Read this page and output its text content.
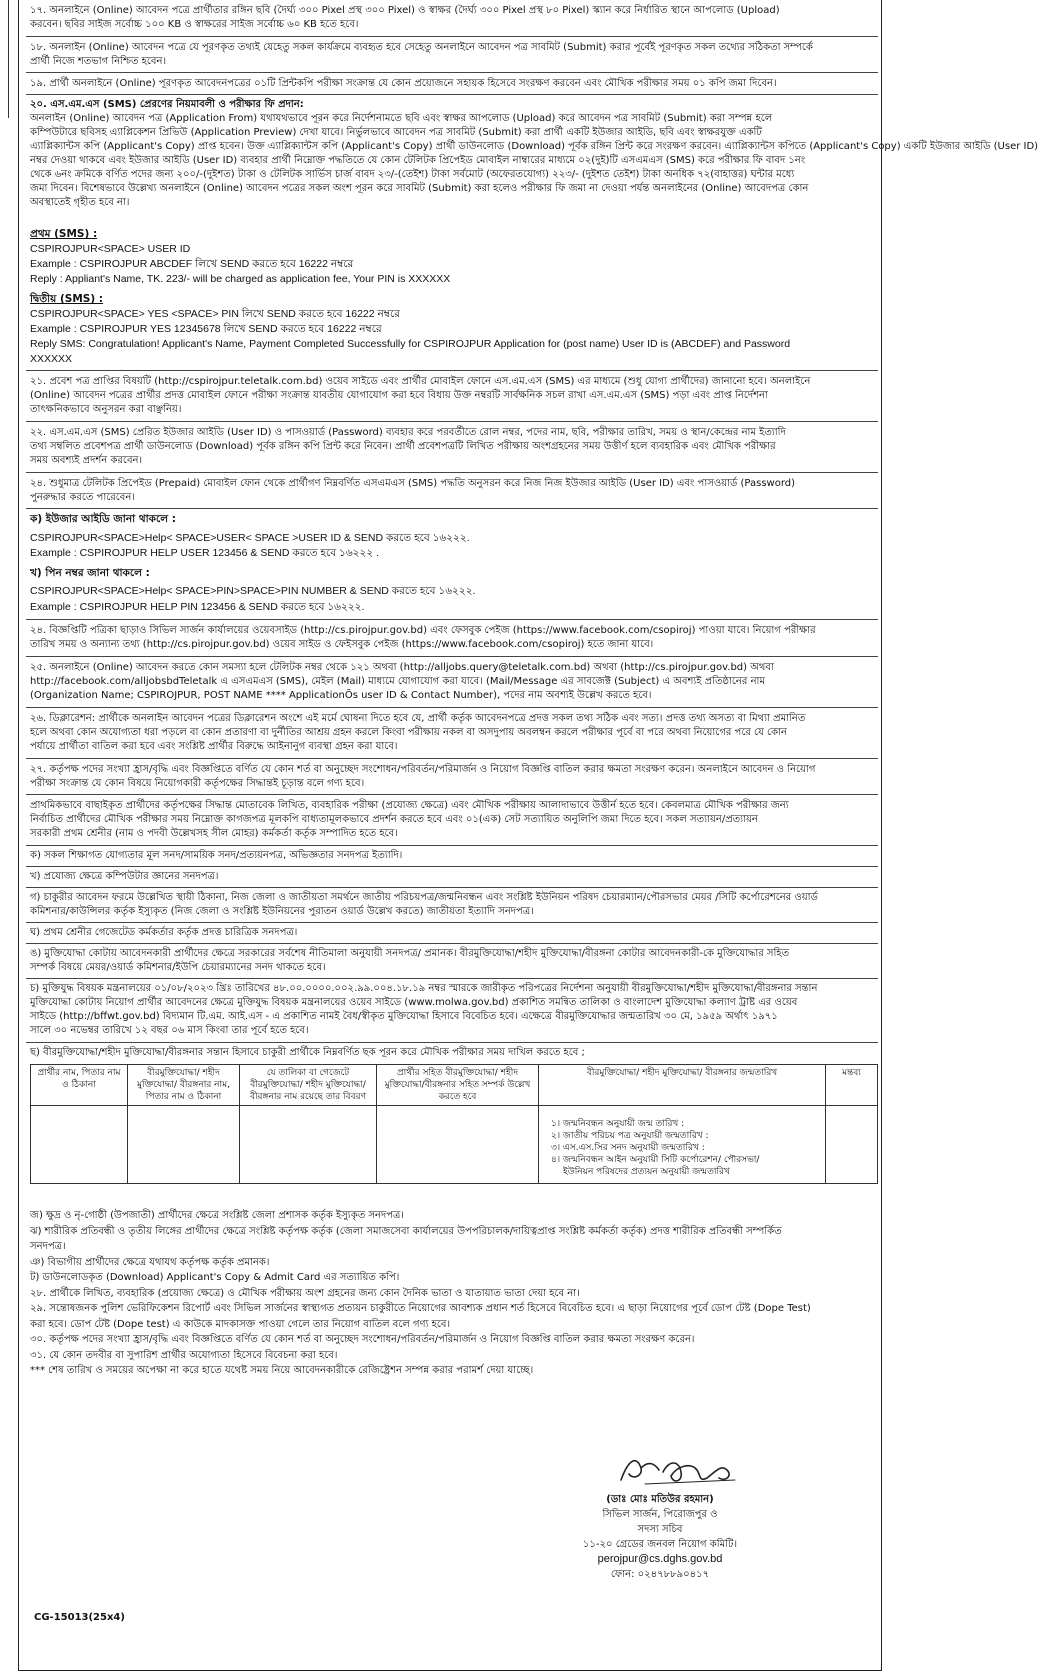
১৭. অনলাইনে (Online) আবেদন পত্রে প্রার্থীতার রঙ্গিন ছবি (দৈর্ঘ্য ৩০০ Pixel প্রস্থ ৩০০ Pixel) ও স্বাক্ষর (দৈর্ঘ্য ৩০০ Pixel প্রস্থ ৮০ Pixel) স্ক্যান করে নির্ধারিত স্থানে আপলোড (Upload)
করবেন। ছবির সাইজ সর্বোচ্চ ১০০ KB ও স্বাক্ষরের সাইজ সর্বোচ্চ ৬০ KB হতে হবে।
১৮. অনলাইন (Online) আবেদন পত্রে যে পূরণকৃত তথ্যই যেহেতু সকল কার্যক্রমে ব্যবহৃত হবে সেহেতু অনলাইনে আবেদন পত্র সাবমিট (Submit) করার পূর্বেই পূরণকৃত সকল তথ্যের সঠিকতা সম্পর্কে
প্রার্থী নিজে শতভাগ নিশ্চিত হবেন।
১৯. প্রার্থী অনলাইনে (Online) পূরণকৃত আবেদনপত্রের ০১টি প্রিন্টকপি পরীক্ষা সংক্রান্ত যে কোন প্রয়োজনে সহায়ক হিসেবে সংরক্ষণ করবেন এবং মৌখিক পরীক্ষার সময় ০১ কপি জমা দিবেন।
২০. এস.এম.এস (SMS) প্রেরণের নিয়মাবলী ও পরীক্ষার ফি প্রদান:
অনলাইন (Online) আবেদন পত্র (Application From) যথাযথভাবে পূরন করে নির্দেশনামতে ছবি এবং স্বাক্ষর আপলোড (Upload) করে আবেদন পত্র সাবমিট (Submit) করা সম্পন্ন হলে
কম্পিউটারে ছবিসহ এ্যাপ্লিকেশন প্রিভিউ (Application Preview) দেখা যাবে। নির্ভুলভাবে আবেদন পত্র সাবমিট (Submit) করা প্রার্থী একটি ইউজার আইডি, ছবি এবং স্বাক্ষরযুক্ত একটি
এ্যাপ্লিক্যান্টস কপি (Applicant's Copy) প্রাপ্ত হবেন। উক্ত এ্যাপ্লিক্যান্টস কপি (Applicant's Copy) প্রার্থী ডাউনলোড (Download) পূর্বক রঙ্গিন প্রিন্ট করে সংরক্ষণ করবেন। এ্যাপ্লিক্যান্টস কপিতে (Applicant's Copy) একটি ইউজার আইডি (User ID)
নম্বর দেওয়া থাকবে এবং ইউজার আইডি (User ID) ব্যবহার প্রার্থী নিম্নোক্ত পদ্ধতিতে যে কোন টেলিটক প্রিপেইড মোবাইল নাম্বারের মাধ্যমে ০২(দুই)টি এসএমএস (SMS) করে পরীক্ষার ফি বাবদ ১নং
থেকে ৬নং ক্রমিকে বর্ণিত পদের জন্য ২০০/-(দুইশত) টাকা ও টেলিটক সার্ভিস চার্জ বাবদ ২৩/-(তেইশ) টাকা সর্বমোট (অফেরতযোগ্য) ২২৩/- (দুইশত তেইশ) টাকা অনধিক ৭২(বাহাত্তর) ঘন্টার মধ্যে
জমা দিবেন। বিশেষভাবে উল্লেখ্য অনলাইনে (Online) আবেদন পত্রের সকল অংশ পূরন করে সাবমিট (Submit) করা হলেও পরীক্ষার ফি জমা না দেওয়া পর্যন্ত অনলাইনের (Online) আবেদপত্র কোন
অবস্থাতেই গৃহীত হবে না।
প্রথম (SMS) :
CSPIROJPUR<SPACE> USER ID
Example : CSPIROJPUR ABCDEF লিখে SEND করতে হবে 16222 নম্বরে
Reply : Appliant's Name, TK. 223/- will be charged as application fee, Your PIN is XXXXXX
দ্বিতীয় (SMS) :
CSPIROJPUR<SPACE> YES <SPACE> PIN লিখে SEND করতে হবে 16222 নম্বরে
Example : CSPIROJPUR YES 12345678 লিখে SEND করতে হবে 16222 নম্বরে
Reply SMS: Congratulation! Applicant's Name, Payment Completed Successfully for CSPIROJPUR Application for (post name) User ID is (ABCDEF) and Password
XXXXXX
২১. প্রবেশ পত্র প্রাপ্তির বিষয়টি (http://cspirojpur.teletalk.com.bd) ওয়েব সাইডে এবং প্রার্থীর মোবাইল ফোনে এস.এম.এস (SMS) এর মাধ্যমে (শুধু যোগ্য প্রার্থীদের) জানানো হবে। অনলাইনে
(Online) আবেদন পত্রের প্রার্থীর প্রদত্ত মোবাইল ফোনে পরীক্ষা সংক্রান্ত যাবতীয় যোগাযোগ করা হবে বিধায় উক্ত নম্বরটি সার্বক্ষনিক সচল রাখা এস.এম.এস (SMS) পড়া এবং প্রাপ্ত নির্দেশনা
তাৎক্ষনিকভাবে অনুসরন করা বাঞ্ছনিয়।
২২. এস.এম.এস (SMS) প্রেরিত ইউজার আইডি (User ID) ও পাসওয়ার্ড (Password) ব্যবহার করে পরবর্তীতে রোল নম্বর, পদের নাম, ছবি, পরীক্ষার তারিখ, সময় ও স্থান/কেন্দ্রের নাম ইত্যাদি
তথ্য সম্বলিত প্রবেশপত্র প্রার্থী ডাউনলোড (Download) পূর্বক রঙ্গিন কপি প্রিন্ট করে নিবেন। প্রার্থী প্রবেশপত্রটি লিখিত পরীক্ষায় অংশগ্রহনের সময় উত্তীর্ণ হলে ব্যবহারিক এবং মৌখিক পরীক্ষার
সময় অবশ্যই প্রদর্শন করবেন।
২৪. শুধুমাত্র টেলিটক প্রিপেইড (Prepaid) মোবাইল ফোন থেকে প্রার্থীগণ নিম্নবর্ণিত এসএমএস (SMS) পদ্ধতি অনুসরন করে নিজ নিজ ইউজার আইডি (User ID) এবং পাসওয়ার্ড (Password)
পুনরুদ্ধার করতে পারেবেন।
ক) ইউজার আইডি জানা থাকলে :
CSPIROJPUR<SPACE>Help< SPACE>USER< SPACE >USER ID & SEND করতে হবে ১৬২২২.
Example : CSPIROJPUR HELP USER 123456 & SEND করতে হবে ১৬২২২ .
খ) পিন নম্বর জানা থাকলে :
CSPIROJPUR<SPACE>Help< SPACE>PIN>SPACE>PIN NUMBER & SEND করতে হবে ১৬২২২.
Example : CSPIROJPUR HELP PIN 123456 & SEND করতে হবে ১৬২২২.
২৪. বিজ্ঞপ্তিটি পত্রিকা ছাড়াও সিভিল সার্জন কার্যালয়ের ওয়েবসাইড (http://cs.pirojpur.gov.bd) এবং ফেসবুক পেইজ (https://www.facebook.com/csopiroj) পাওয়া যাবে। নিয়োগ পরীক্ষার
তারিখ সময় ও অন্যান্য তথ্য (http://cs.pirojpur.gov.bd) ওয়েব সাইড ও ফেইসবুক পেইজ (https://www.facebook.com/csopiroj) হতে জানা যাবে।
২৫. অনলাইনে (Online) আবেদন করতে কোন সমস্যা হলে টেলিটক নম্বর থেকে ১২১ অথবা (http://alljobs.query@teletalk.com.bd) অথবা (http://cs.pirojpur.gov.bd) অথবা
http://facebook.com/alljobsbdTeletalk এ এসএমএস (SMS), মেইল (Mail) মাধ্যমে যোগাযোগ করা যাবে। (Mail/Message এর সাবজেক্ট (Subject) এ অবশ্যই প্রতিষ্ঠানের নাম
(Organization Name; CSPIROJPUR, POST NAME **** ApplicationÕs user ID & Contact Number), পদের নাম অবশ্যই উল্লেখ করতে হবে।
২৬. ডিক্লারেশন: প্রার্থীকে অনলাইন আবেদন পত্রের ডিক্লারেশন অংশে এই মর্মে ঘোষনা দিতে হবে যে, প্রার্থী কর্তৃক আবেদনপত্রে প্রদত্ত সকল তথ্য সঠিক এবং সত্য। প্রদত্ত তথ্য অসত্য বা মিথ্যা প্রমানিত
হলে অথবা কোন অযোগ্যতা ধরা পড়লে বা কোন প্রতারণা বা দুর্নীতির আশ্রয় গ্রহন করলে কিংবা পরীক্ষায় নকল বা অসদুপায় অবলম্বন করলে পরীক্ষার পূর্বে বা পরে অথবা নিয়োগের পরে যে কোন
পর্যায়ে প্রার্থীতা বাতিল করা হবে এবং সংশ্লিষ্ট প্রার্থীর বিরুদ্ধে আইনানুগ ব্যবস্থা গ্রহন করা যাবে।
২৭. কর্তৃপক্ষ পদের সংখ্যা হ্রাস/বৃদ্ধি এবং বিজ্ঞপ্তিতে বর্ণিত যে কোন শর্ত বা অনুচ্ছেদ সংশোধন/পরিবর্তন/পরিমার্জন ও নিয়োগ বিজ্ঞপ্তি বাতিল করার ক্ষমতা সংরক্ষণ করেন। অনলাইনে আবেদন ও নিয়োগ
পরীক্ষা সংক্রান্ত যে কোন বিষয়ে নিয়োগকারী কর্তৃপক্ষের সিদ্ধান্তই চূড়ান্ত বলে গণ্য হবে।
প্রাথমিকভাবে বাছাইকৃত প্রার্থীদের কর্তৃপক্ষের সিদ্ধান্ত মোতাবেক লিখিত, ব্যবহারিক পরীক্ষা (প্রযোজ্য ক্ষেত্রে) এবং মৌখিক পরীক্ষায় আলাদাভাবে উত্তীর্ন হতে হবে। কেবলমাত্র মৌখিক পরীক্ষার জন্য
নির্বাচিত প্রার্থীদের মৌখিক পরীক্ষার সময় নিম্নোক্ত কাগজপত্র মূলকপি বাধ্যতামূলকভাবে প্রদর্শন করতে হবে এবং ০১(এক) সেট সত্যায়িত অনুলিপি জমা দিতে হবে। সকল সত্যায়ন/প্রত্যায়ন
সরকারী প্রথম শ্রেনীর (নাম ও পদবী উল্লেখসহ সীল মোহর) কর্মকর্তা কর্তৃক সম্পাদিত হতে হবে।
ক) সকল শিক্ষাগত যোগ্যতার মূল সনদ/সাময়িক সনদ/প্রত্যয়নপত্র, অভিজ্ঞতার সনদপত্র ইত্যাদি।
খ) প্রযোজ্য ক্ষেত্রে কম্পিউটার জ্ঞানের সনদপত্র।
গ) চাকুরীর আবেদন ফরমে উল্লেখিত স্থায়ী ঠিকানা, নিজ জেলা ও জাতীয়তা সমর্থনে জাতীয় পরিচয়পত্র/জন্মনিবন্ধন এবং সংশ্লিষ্ট ইউনিয়ন পরিষদ চেয়ারম্যান/পৌরসভার মেয়র /সিটি কর্পোরেশনের ওয়ার্ড
কমিশনার/কাউন্সিলর কর্তৃক ইস্যুকৃত (নিজ জেলা ও সংশ্লিষ্ট ইউনিয়নের পুরাতন ওয়ার্ড উল্লেখ করতে) জাতীয়তা ইত্যাদি সনদপত্র।
ঘ) প্রথম শ্রেনীর গেজেটেড কর্মকর্তার কর্তৃক প্রদত্ত চারিত্রিক সনদপত্র।
ঙ) মুক্তিযোদ্ধা কোটায় আবেদনকারী প্রার্থীদের ক্ষেত্রে সরকারের সর্বশেষ নীতিমালা অনুযায়ী সনদপত্র/ প্রমানক। বীরমুক্তিযোদ্ধা/শহীদ মুক্তিযোদ্ধা/বীরঙ্গনা কোটার আবেদনকারী-কে মুক্তিযোদ্ধার সহিত
সম্পর্ক বিষয়ে মেয়র/ওয়ার্ড কমিশনার/ইউপি চেয়ারম্যানের সনদ থাকতে হবে।
চ) মুক্তিযুদ্ধ বিষয়ক মন্ত্রনালয়ের ০১/০৮/২০২৩ খ্রিঃ তারিখের ৪৮.০০.০০০০.০০২.৯৯.০০৪.১৮.১৯ নম্বর স্মারকে জারীকৃত পরিপত্রের নির্দেশনা অনুযায়ী বীরমুক্তিযোদ্ধা/শহীদ মুক্তিযোদ্ধা/বীরঙ্গনার সন্তান
মুক্তিযোদ্ধা কোটায় নিয়োগ প্রার্থীর আবেদনের ক্ষেত্রে মুক্তিযুদ্ধ বিষয়ক মন্ত্রনালয়ের ওয়েব সাইডে (www.molwa.gov.bd) প্রকাশিত সমন্বিত তালিকা ও বাংলাদেশ মুক্তিযোদ্ধা কল্যাণ ট্রাষ্ট এর ওয়েব
সাইডে (http://bffwt.gov.bd) বিদ্যমান টি.এম. আই.এস - এ প্রকাশিত নামই বৈধ/স্বীকৃত মুক্তিযোদ্ধা হিসাবে বিবেচিত হবে। এক্ষেত্রে বীরমুক্তিযোদ্ধার জন্মতারিখ ৩০ মে, ১৯৫৯ অর্থাৎ ১৯৭১
সালে ৩০ নভেম্বর তারিখে ১২ বছর ০৬ মাস কিংবা তার পূর্বে হতে হবে।
ছ) বীরমুক্তিযোদ্ধা/শহীদ মুক্তিযোদ্ধা/বীরঙ্গনার সন্তান হিসাবে চাকুরী প্রার্থীকে নিম্নবর্ণিত ছক পূরন করে মৌখিক পরীক্ষার সময় দাখিল করতে হবে ;
প্রার্থীর নাম, পিতার নাম ও ঠিকানা	বীরমুক্তিযোদ্ধা/ শহীদ মুক্তিযোদ্ধা/ বীরঙ্গনার নাম, পিতার নাম ও ঠিকানা	যে তালিকা বা গেজেটে বীরমুক্তিযোদ্ধা/ শহীদ মুক্তিযোদ্ধা/ বীরঙ্গনার নাম রয়েছে তার বিবরণ	প্রার্থীর সহিত বীরমুক্তিযোদ্ধা/ শহীদ মুক্তিযোদ্ধা/বীরঙ্গনার সহিত সম্পর্ক উল্লেখ করতে হবে	বীরমুক্তিযোদ্ধা/ শহীদ মুক্তিযোদ্ধা/ বীরঙ্গনার জন্মতারিখ	মন্তব্য

				১। জন্মনিবন্ধন অনুযায়ী জন্ম তারিখ :
২। জাতীয় পরিচয় পত্র অনুযায়ী জন্মতারিখ :
৩। এস.এস.সির সনদ অনুযায়ী জন্মতারিখ :
৪। জন্মনিবন্ধন আইন অনুযায়ী সিটি কর্পোরেশন/ পৌরসভা/
ইউনিয়ন পরিষদের প্রত্যয়ন অনুযায়ী জন্মতারিখ	

জ) ক্ষুদ্র ও নৃ-গোষ্ঠী (উপজাতী) প্রার্থীদের ক্ষেত্রে সংশ্লিষ্ট জেলা প্রশাসক কর্তৃক ইস্যুকৃত সনদপত্র।
ঝ) শারীরিক প্রতিবন্ধী ও তৃতীয় লিঙ্গের প্রার্থীদের ক্ষেত্রে সংশ্লিষ্ট কর্তৃপক্ষ কর্তৃক (জেলা সমাজসেবা কার্যালয়ের উপপরিচালক/দায়িত্বপ্রাপ্ত সংশ্লিষ্ট কর্মকর্তা কর্তৃক) প্রদত্ত শারীরিক প্রতিবন্ধী সম্পর্কিত
সনদপত্র।
ঞ) বিভাগীয় প্রার্থীদের ক্ষেত্রে যথাযথ কর্তৃপক্ষ কর্তৃক প্রমানক।
ট) ডাউনলোডকৃত (Download) Applicant's Copy & Admit Card এর সত্যায়িত কপি।
২৮. প্রার্থীকে লিখিত, ব্যবহারিক (প্রয়োজ্য ক্ষেত্রে) ও মৌখিক পরীক্ষায় অংশ গ্রহনের জন্য কোন দৈনিক ভাতা ও যাতায়াত ভাতা দেয়া হবে না।
২৯. সন্তোষজনক পুলিশ ভেরিফিকেশন রিপোর্ট এবং সিভিল সার্জনের স্বাস্থ্যগত প্রত্যয়ন চাকুরীতে নিয়োগের আবশ্যক প্রধান শর্ত হিসেবে বিবেচিত হবে। এ ছাড়া নিয়োগের পূর্বে ডোপ টেষ্ট (Dope Test)
করা হবে। ডোপ টেষ্ট (Dope test) এ কাউকে মাদকাসক্ত পাওয়া গেলে তার নিয়োগ বাতিল বলে গণ্য হবে।
৩০. কর্তৃপক্ষ পদের সংখ্যা হ্রাস/বৃদ্ধি এবং বিজ্ঞপ্তিতে বর্ণিত যে কোন শর্ত বা অনুচ্ছেদ সংশোধন/পরিবর্তন/পরিমার্জন ও নিয়োগ বিজ্ঞপ্তি বাতিল করার ক্ষমতা সংরক্ষণ করেন।
৩১. যে কোন তদবীর বা সুপারিশ প্রার্থীর অযোগ্যতা হিসেবে বিবেচনা করা হবে।
*** শেষ তারিখ ও সময়ের অপেক্ষা না করে হাতে যথেষ্ট সময় নিয়ে আবেদনকারীকে রেজিষ্ট্রেশন সম্পন্ন করার পরামর্শ দেয়া যাচ্ছে।
(ডাঃ মোঃ মতিউর রহমান)
সিভিল সার্জন, পিরোজপুর ও
সদস্য সচিব
১১-২০ গ্রেডের জনবল নিয়োগ কমিটি।
perojpur@cs.dghs.gov.bd
ফোন: ০২৪৭৮৮৯০৪১৭
CG-15013(25x4)
